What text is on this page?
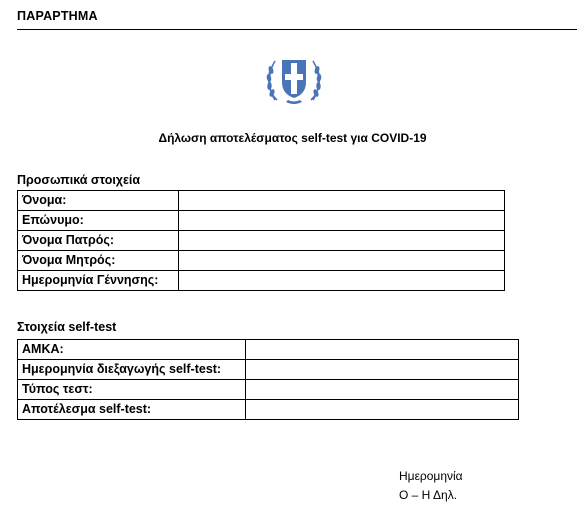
ΠΑΡΑΡΤΗΜΑ
Δήλωση αποτελέσματος self-test για COVID-19
Προσωπικά στοιχεία
Όνομα:	
Επώνυμο:	
Όνομα Πατρός:	
Όνομα Μητρός:	
Ημερομηνία Γέννησης:	
Στοιχεία self-test
ΑΜΚΑ:	
Ημερομηνία διεξαγωγής self-test:	
Τύπος τεστ:	
Αποτέλεσμα self-test:	
Ημερομηνία
Ο – Η Δηλ.
